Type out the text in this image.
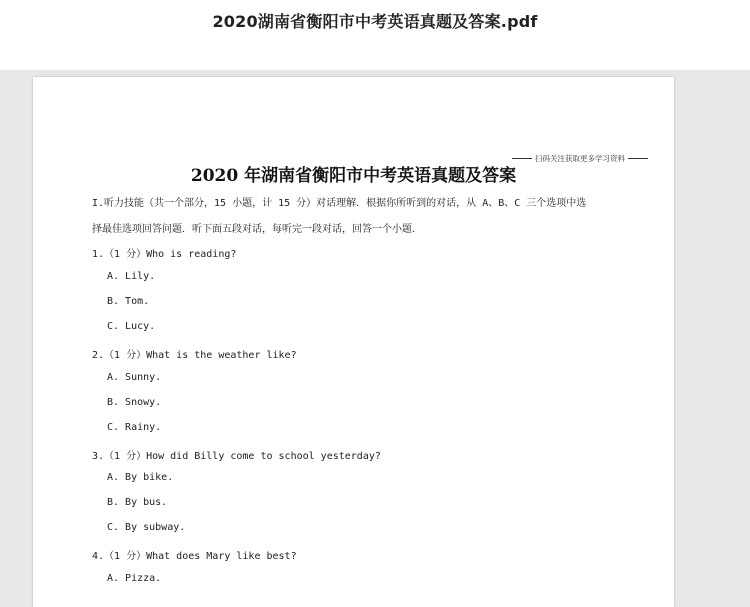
2020湖南省衡阳市中考英语真题及答案.pdf
扫码关注获取更多学习资料
2020 年湖南省衡阳市中考英语真题及答案
I.听力技能（共一个部分，15 小题，计 15 分）对话理解．根据你所听到的对话，从 A、B、C 三个选项中选
择最佳选项回答问题．听下面五段对话，每听完一段对话，回答一个小题．
1.（1 分）Who is reading?
A. Lily.
B. Tom.
C. Lucy.
2.（1 分）What is the weather like?
A. Sunny.
B. Snowy.
C. Rainy.
3.（1 分）How did Billy come to school yesterday?
A. By bike.
B. By bus.
C. By subway.
4.（1 分）What does Mary like best?
A. Pizza.
